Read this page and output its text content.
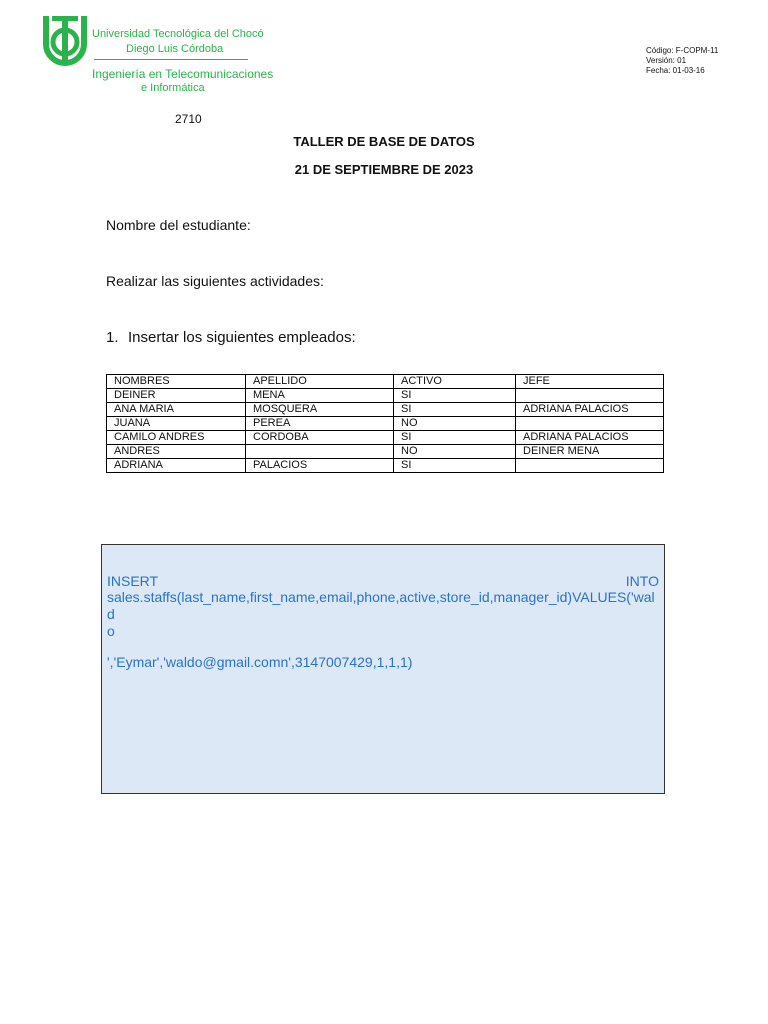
Universidad Tecnológica del Chocó
Diego Luis Córdoba
Ingeniería en Telecomunicaciones
e Informática
2710
Código: F-COPM-11
Versión: 01
Fecha: 01-03-16
TALLER DE BASE DE DATOS
21 DE SEPTIEMBRE DE 2023
Nombre del estudiante:
Realizar las siguientes actividades:
1. Insertar los siguientes empleados:
NOMBRES	APELLIDO	ACTIVO	JEFE
DEINER	MENA	SI	
ANA MARIA	MOSQUERA	SI	ADRIANA PALACIOS
JUANA	PEREA	NO	
CAMILO ANDRES	CORDOBA	SI	ADRIANA PALACIOS
ANDRES		NO	DEINER MENA
ADRIANA	PALACIOS	SI	
INSERT	INTO
sales.staffs(last_name,first_name,email,phone,active,store_id,manager_id)VALUES('wald
o
','Eymar','waldo@gmail.comn',3147007429,1,1,1)
